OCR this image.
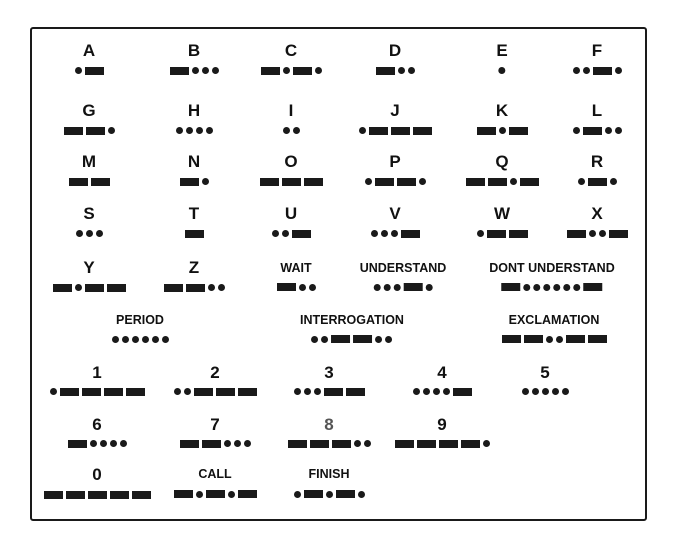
A	B	C	D	E	F
G	H	I	J	K	L
M	N	O	P	Q	R
S	T	U	V	W	X
Y	Z	WAIT	UNDERSTAND	DONT UNDERSTAND
PERIOD	INTERROGATION	EXCLAMATION
1	2	3	4	5
6	7	8	9
0	CALL	FINISH
